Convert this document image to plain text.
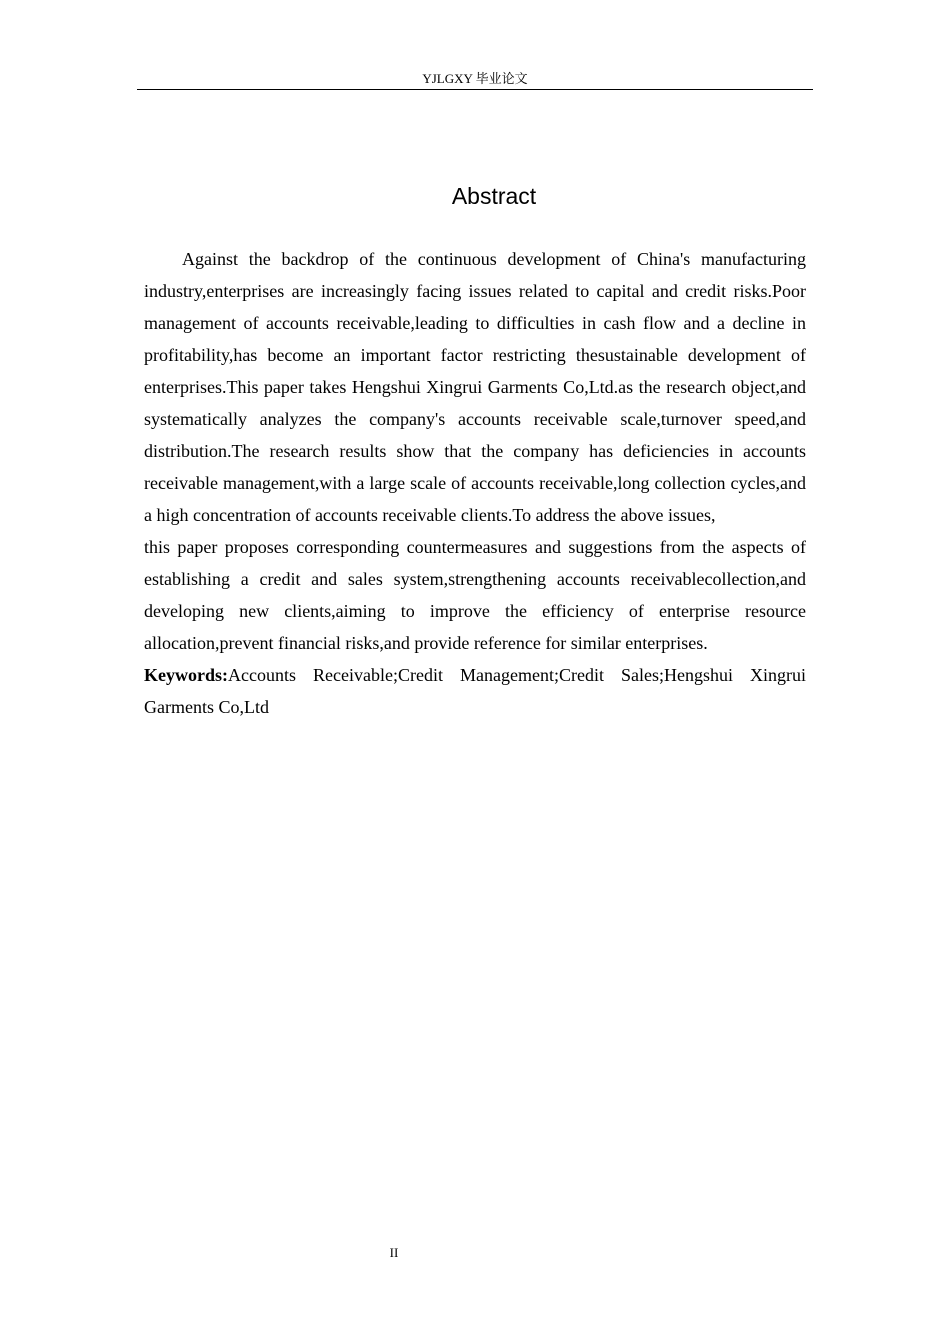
YJLGXY 毕业论文
Abstract

Against the backdrop of the continuous development of China's manufacturing industry,enterprises are increasingly facing issues related to capital and credit risks.Poor management of accounts receivable,leading to difficulties in cash flow and a decline in profitability,has become an important factor restricting thesustainable development of enterprises.This paper takes Hengshui Xingrui Garments Co,Ltd.as the research object,and systematically analyzes the company's accounts receivable scale,turnover speed,and distribution.The research results show that the company has deficiencies in accounts receivable management,with a large scale of accounts receivable,long collection cycles,and a high concentration of accounts receivable clients.To address the above issues,

this paper proposes corresponding countermeasures and suggestions from the aspects of establishing a credit and sales system,strengthening accounts receivablecollection,and developing new clients,aiming to improve the efficiency of enterprise resource allocation,prevent financial risks,and provide reference for similar enterprises.

Keywords:Accounts Receivable;Credit Management;Credit Sales;Hengshui Xingrui Garments Co,Ltd

II
